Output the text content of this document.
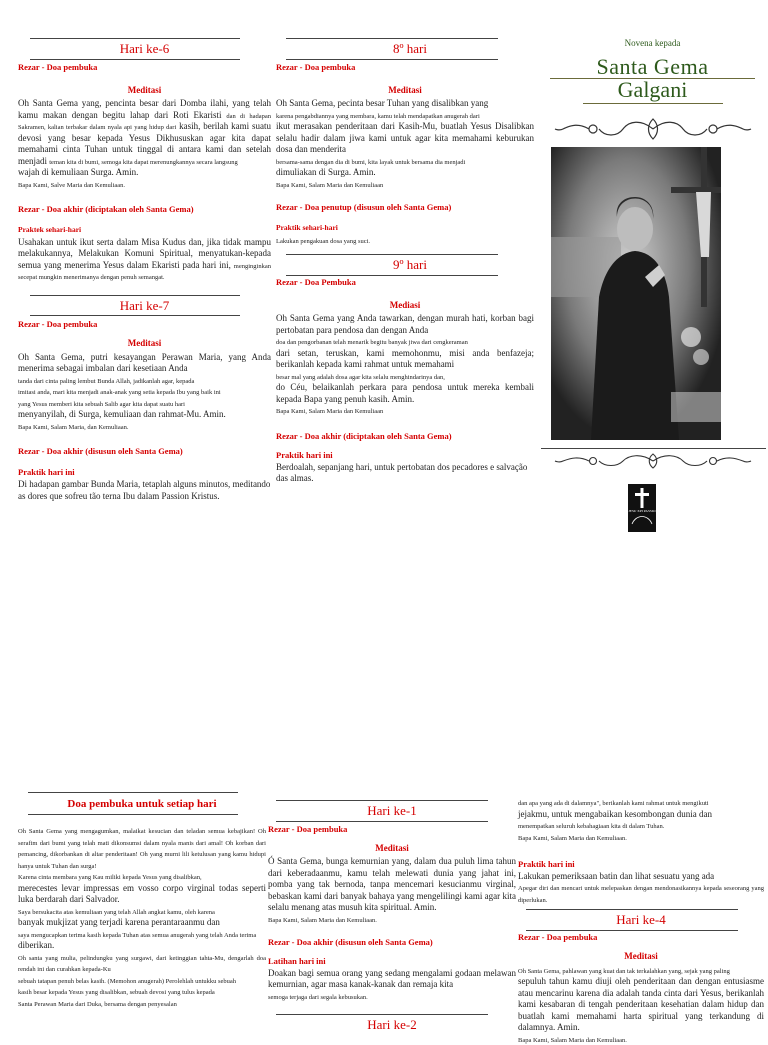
Hari ke-6
Rezar - Doa pembuka
Meditasi

Oh Santa Gema yang, pencinta besar dari Domba ilahi, yang telah kamu makan dengan begitu lahap dari Roti Ekaristi dan di hadapan Sakramen, kalian terbakar dalam nyala api yang hidup dari kasih, berilah kami suatu devosi yang besar kepada Yesus Dikhususkan agar kita dapat memahami cinta Tuhan untuk tinggal di antara kami dan setelah menjadi teman kita di bumi, semoga kita dapat merenungkannya secara langsung
wajah di kemuliaan Surga. Amin.
Bapa Kami, Salve Maria dan Kemuliaan.

Rezar - Doa akhir (diciptakan oleh Santa Gema)
Praktek sehari-hari

Usahakan untuk ikut serta dalam Misa Kudus dan, jika tidak mampu melakukannya, Melakukan Komuni Spiritual, menyatukan-kepada semua yang menerima Yesus dalam Ekaristi pada hari ini, menginginkan secepat mungkin menerimanya dengan penuh semangat.

Hari ke-7
Rezar - Doa pembuka
Meditasi

Oh Santa Gema, putri kesayangan Perawan Maria, yang Anda menerima sebagai imbalan dari kesetiaan Anda
tanda dari cinta paling lembut Bunda Allah, jadikanlah agar, kepada
imitasi anda, mari kita menjadi anak-anak yang setia kepada Ibu yang baik ini
yang Yesus memberi kita sebuah Salib agar kita dapat suatu hari
menyanyilah, di Surga, kemuliaan dan rahmat-Mu. Amin.
Bapa Kami, Salam Maria, dan Kemuliaan.

Rezar - Doa akhir (disusun oleh Santa Gema)
Praktik hari ini

Di hadapan gambar Bunda Maria, tetaplah alguns minutos, meditando as dores que sofreu tão terna Ibu dalam Passion Kristus.

8º hari
Rezar - Doa pembuka
Meditasi

Oh Santa Gema, pecinta besar Tuhan yang disalibkan yang
karena pengabdiannya yang membara, kamu telah mendapatkan anugerah dari
ikut merasakan penderitaan dari Kasih-Mu, buatlah Yesus Disalibkan selalu hadir dalam jiwa kami untuk agar kita memahami keburukan dosa dan menderita
bersama-sama dengan dia di bumi, kita layak untuk bersama dia menjadi
dimuliakan di Surga. Amin.
Bapa Kami, Salam Maria dan Kemuliaan

Rezar - Doa penutup (disusun oleh Santa Gema)
Praktik sehari-hari

Lakukan pengakuan dosa yang suci.

9º hari
Rezar - Doa Pembuka
Mediasi

Oh Santa Gema yang Anda tawarkan, dengan murah hati, korban bagi pertobatan para pendosa dan dengan Anda
doa dan pengorbanan telah menarik begitu banyak jiwa dari cengkeraman
dari setan, teruskan, kami memohonmu, misi anda benfazeja; berikanlah kepada kami rahmat untuk memahami
besar mal yang adalah dosa agar kita selalu menghindarinya dan,
do Céu, belaikanlah perkara para pendosa untuk mereka kembali kepada Bapa yang penuh kasih. Amin.
Bapa Kami, Salam Maria dan Kemuliaan

Rezar - Doa akhir (diciptakan oleh Santa Gema)
Praktik hari ini

Berdoalah, sepanjang hari, untuk pertobatan dos pecadores e salvação das almas.

Novena kepada
Santa Gema
Galgani
JESU XPI PASSIO
Doa pembuka untuk setiap hari

Oh Santa Gema yang mengagumkan, malaikat kesucian dan teladan semua kebajikan! Oh serafim dari bumi yang telah mati dikonsumsi dalam nyala manis dari amal! Oh korban dari pemancing, dikorbankan di altar penderitaan! Oh yang murni lili ketulusan yang kamu hidupi hanya untuk Tuhan dan surga!
Karena cinta membara yang Kau miliki kepada Yesus yang disalibkan,
merecestes levar impressas em vosso corpo virginal todas seperti luka berdarah dari Salvador.
Saya bersukacita atas kemuliaan yang telah Allah angkat kamu, oleh karena
banyak mukjizat yang terjadi karena perantaraanmu dan
saya mengucapkan terima kasih kepada Tuhan atas semua anugerah yang telah Anda terima
diberikan.
Oh santa yang mulia, pelindungku yang surgawi, dari ketinggian tahta-Mu, dengarlah doa rendah ini dan curahkan kepada-Ku
sebuah tatapan penuh belas kasih. (Memohon anugerah) Perolehlah untukku sebuah
kasih besar kepada Yesus yang disalibkan, sebuah devosi yang tulus kepada
Santa Perawan Maria dari Duka, bersama dengan penyesalan

Hari ke-1
Rezar - Doa pembuka
Meditasi

Ó Santa Gema, bunga kemurnian yang, dalam dua puluh lima tahun dari keberadaanmu, kamu telah melewati dunia yang jahat ini, pomba yang tak bernoda, tanpa mencemari kesucianmu virginal, bebaskan kami dari banyak bahaya yang mengelilingi kami agar kita selalu menang atas musuh kita spiritual. Amin.
Bapa Kami, Salam Maria dan Kemuliaan.

Rezar - Doa akhir (disusun oleh Santa Gema)
Latihan hari ini

Doakan bagi semua orang yang sedang mengalami godaan melawan kemurnian, agar masa kanak-kanak dan remaja kita
semoga terjaga dari segala kebusukan.

Hari ke-2

dan apa yang ada di dalamnya", berikanlah kami rahmat untuk mengikuti
jejakmu, untuk mengabaikan kesombongan dunia dan
menempatkan seluruh kebahagiaan kita di dalam Tuhan.
Bapa Kami, Salam Maria dan Kemuliaan.

Praktik hari ini

Lakukan pemeriksaan batin dan lihat sesuatu yang ada
Apegar diri dan mencari untuk melepaskan dengan mendonasikannya kepada seseorang yang diperlukan.

Hari ke-4
Rezar - Doa pembuka
Meditasi

Oh Santa Gema, pahlawan yang kuat dan tak terkalahkan yang, sejak yang paling
sepuluh tahun kamu diuji oleh penderitaan dan dengan entusiasme atau mencarinu karena dia adalah tanda cinta dari Yesus, berikanlah kami kesabaran di tengah penderitaan kesehatian dalam hidup dan buatlah kami memahami harta spiritual yang terkandung di dalamnya. Amin.
Bapa Kami, Salam Maria dan Kemuliaan.
